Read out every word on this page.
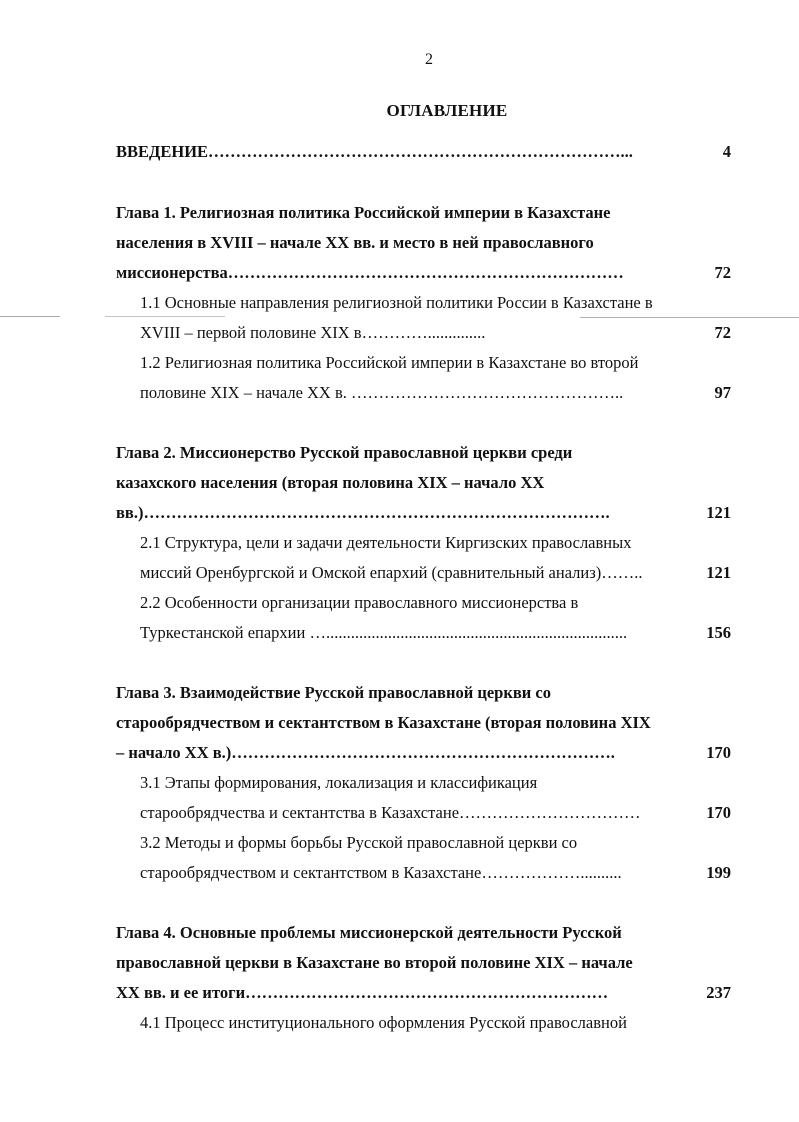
2
ОГЛАВЛЕНИЕ
ВВЕДЕНИЕ…………………………………………………………………...	4
Глава 1. Религиозная политика Российской империи в Казахстане
населения в XVIII – начале XX вв. и место в ней православного
миссионерства………………………………………………………………	72
1.1 Основные направления религиозной политики России в Казахстане в
XVIII – первой половине XIX в…………..............	72
1.2 Религиозная политика Российской империи в Казахстане во второй
половине XIX – начале XX в. …………………………………………..	97
Глава 2. Миссионерство Русской православной церкви среди
казахского населения (вторая половина XIX – начало XX
вв.)………………………………………………………………………….	121
2.1 Структура, цели и задачи деятельности Киргизских православных
миссий Оренбургской и Омской епархий (сравнительный анализ)……..	121
2.2 Особенности организации православного миссионерства в
Туркестанской епархии ….........................................................................	156
Глава 3. Взаимодействие Русской православной церкви со
старообрядчеством и сектантством в Казахстане (вторая половина XIX
– начало XX в.)…………………………………………………………….	170
3.1 Этапы формирования, локализация и классификация
старообрядчества и сектантства в Казахстане……………………………	170
3.2 Методы и формы борьбы Русской православной церкви со
старообрядчеством и сектантством в Казахстане………………..........	199
Глава 4. Основные проблемы миссионерской деятельности Русской
православной церкви в Казахстане во второй половине XIX – начале
XX вв. и ее итоги…………………………………………………………	237
4.1 Процесс институционального оформления Русской православной
